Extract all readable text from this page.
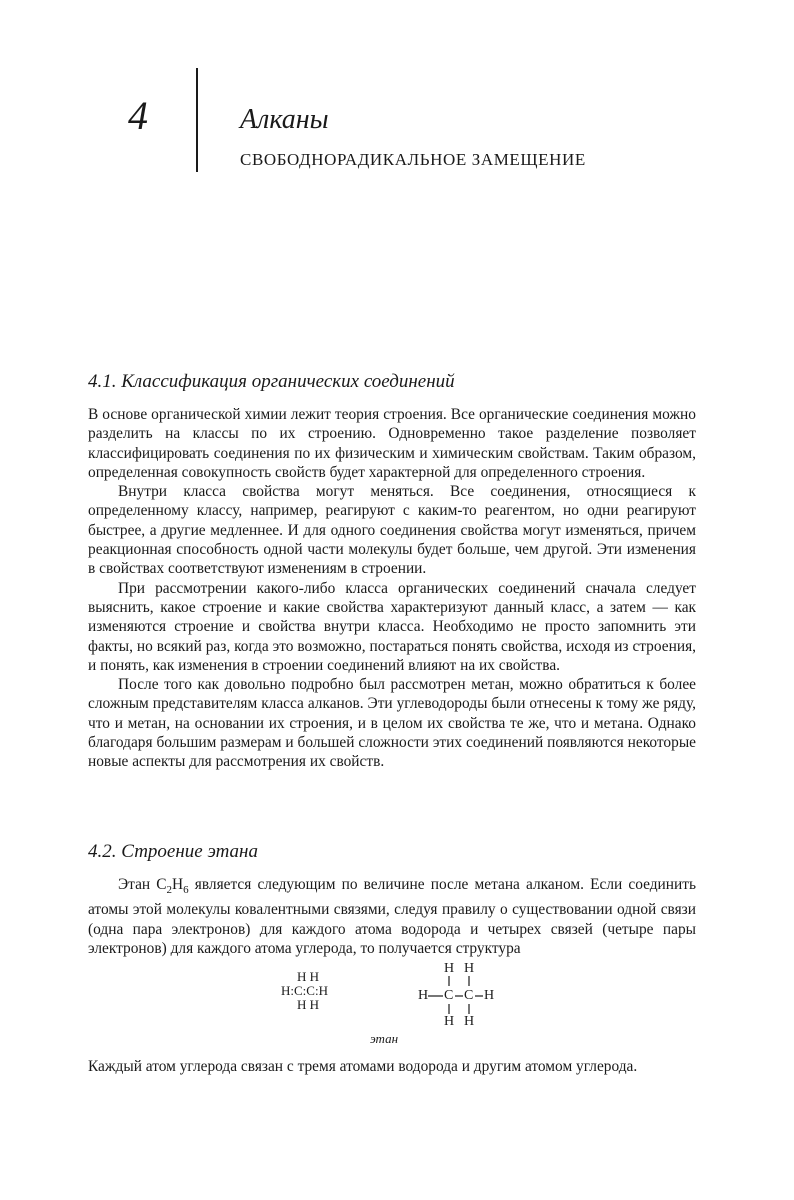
4	Алканы
СВОБОДНОРАДИКАЛЬНОЕ ЗАМЕЩЕНИЕ
4.1. Классификация органических соединений

В основе органической химии лежит теория строения. Все органические соединения можно разделить на классы по их строению. Одновременно такое разделение позволяет классифицировать соединения по их физическим и химическим свойствам. Таким образом, определенная совокупность свойств будет характерной для определенного строения.

Внутри класса свойства могут меняться. Все соединения, относящиеся к определенному классу, например, реагируют с каким-то реагентом, но одни реагируют быстрее, а другие медленнее. И для одного соединения свойства могут изменяться, причем реакционная способность одной части молекулы будет больше, чем другой. Эти изменения в свойствах соответствуют изменениям в строении.

При рассмотрении какого-либо класса органических соединений сначала следует выяснить, какое строение и какие свойства характеризуют данный класс, а затем — как изменяются строение и свойства внутри класса. Необходимо не просто запомнить эти факты, но всякий раз, когда это возможно, постараться понять свойства, исходя из строения, и понять, как изменения в строении соединений влияют на их свойства.

После того как довольно подробно был рассмотрен метан, можно обратиться к более сложным представителям класса алканов. Эти углеводороды были отнесены к тому же ряду, что и метан, на основании их строения, и в целом их свойства те же, что и метана. Однако благодаря большим размерам и большей сложности этих соединений появляются некоторые новые аспекты для рассмотрения их свойств.

4.2. Строение этана

Этан $C_2H_6$ является следующим по величине после метана алканом. Если соединить атомы этой молекулы ковалентными связями, следуя правилу о существовании одной связи (одна пара электронов) для каждого атома водорода и четырех связей (четыре пары электронов) для каждого атома углерода, то получается структура

H H
H:C:C:H
H H
H H
H C C H
H H
этан

Каждый атом углерода связан с тремя атомами водорода и другим атомом углерода.
